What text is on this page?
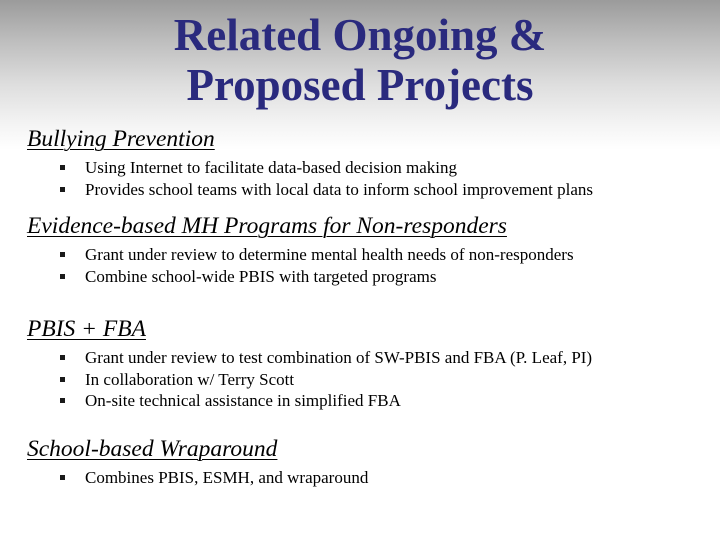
Related Ongoing &
Proposed Projects
Bullying Prevention
Using Internet to facilitate data-based decision making
Provides school teams with local data to inform school improvement plans
Evidence-based MH Programs for Non-responders
Grant under review to determine mental health needs of non-responders
Combine school-wide PBIS with targeted programs
PBIS + FBA
Grant under review to test combination of SW-PBIS and FBA (P. Leaf, PI)
In collaboration w/ Terry Scott
On-site technical assistance in simplified FBA
School-based Wraparound
Combines PBIS, ESMH, and wraparound
